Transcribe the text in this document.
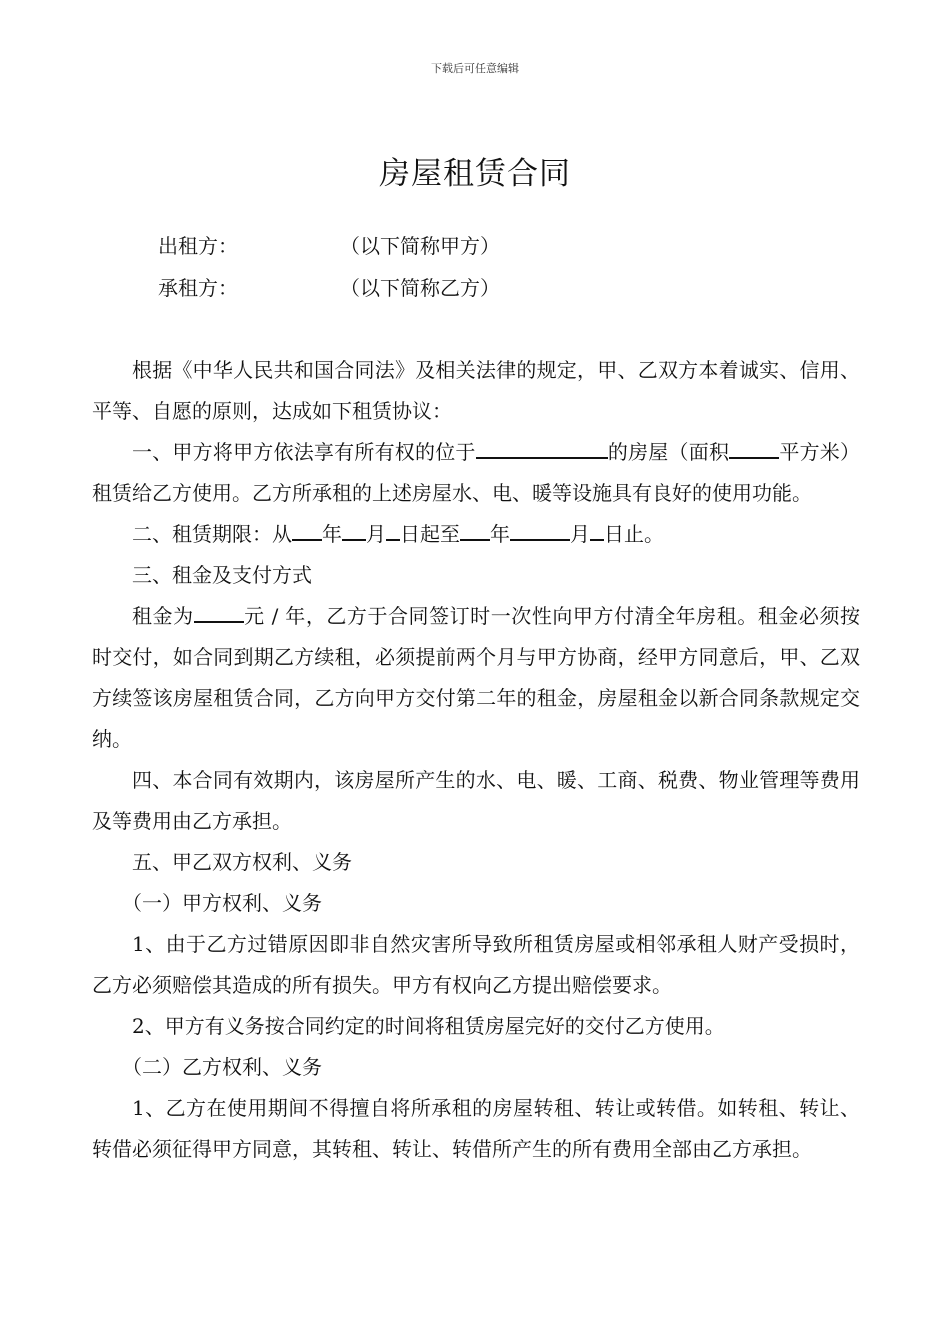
下载后可任意编辑
房屋租赁合同
出租方：	（以下简称甲方）
承租方：	（以下简称乙方）

根据《中华人民共和国合同法》及相关法律的规定，甲、乙双方本着诚实、信用、平等、自愿的原则，达成如下租赁协议：

一、甲方将甲方依法享有所有权的位于	的房屋（面积	平方米）租赁给乙方使用。乙方所承租的上述房屋水、电、暖等设施具有良好的使用功能。

二、租赁期限：从 年 月 日起至 年	月 日止。

三、租金及支付方式

租金为	元 / 年，乙方于合同签订时一次性向甲方付清全年房租。租金必须按时交付，如合同到期乙方续租，必须提前两个月与甲方协商，经甲方同意后，甲、乙双方续签该房屋租赁合同，乙方向甲方交付第二年的租金，房屋租金以新合同条款规定交纳。

四、本合同有效期内，该房屋所产生的水、电、暖、工商、税费、物业管理等费用及等费用由乙方承担。

五、甲乙双方权利、义务

（一）甲方权利、义务

1、由于乙方过错原因即非自然灾害所导致所租赁房屋或相邻承租人财产受损时，乙方必须赔偿其造成的所有损失。甲方有权向乙方提出赔偿要求。

2、甲方有义务按合同约定的时间将租赁房屋完好的交付乙方使用。

（二）乙方权利、义务

1、乙方在使用期间不得擅自将所承租的房屋转租、转让或转借。如转租、转让、转借必须征得甲方同意，其转租、转让、转借所产生的所有费用全部由乙方承担。
